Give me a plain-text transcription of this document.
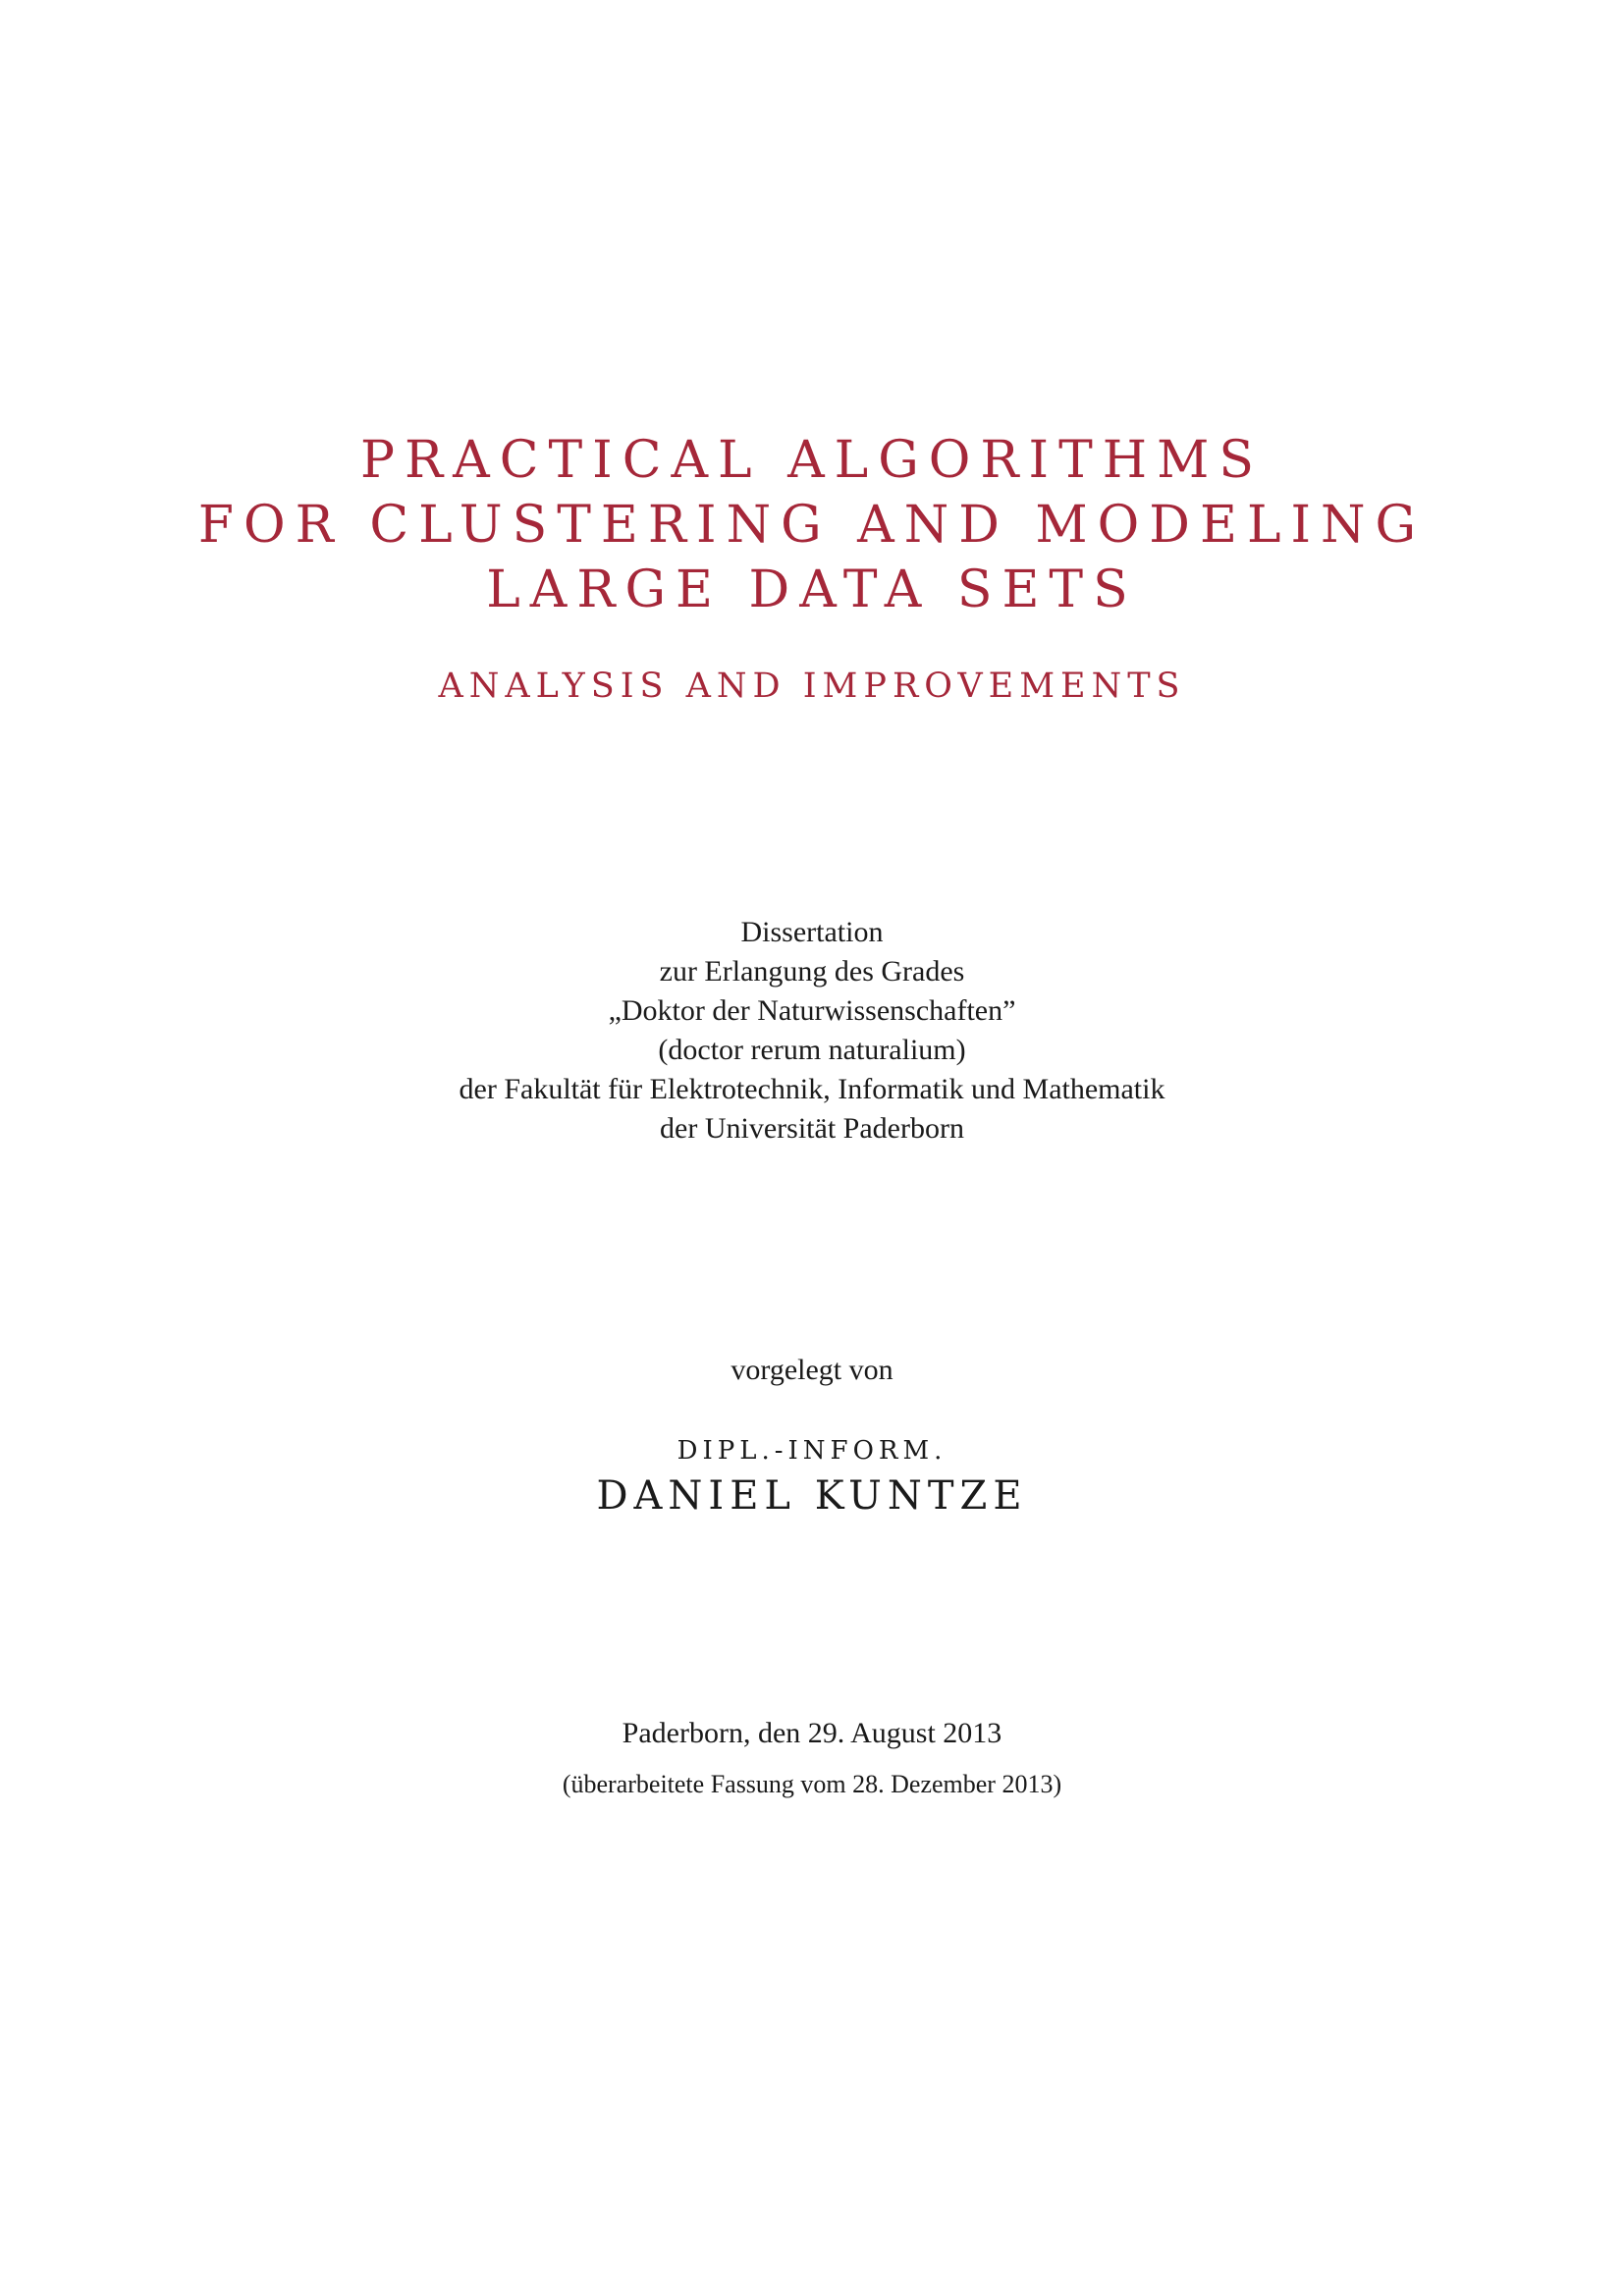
PRACTICAL ALGORITHMS
FOR CLUSTERING AND MODELING
LARGE DATA SETS
ANALYSIS AND IMPROVEMENTS
Dissertation
zur Erlangung des Grades
„Doktor der Naturwissenschaften”
(doctor rerum naturalium)
der Fakultät für Elektrotechnik, Informatik und Mathematik
der Universität Paderborn
vorgelegt von
DIPL.-INFORM.
DANIEL KUNTZE
Paderborn, den 29. August 2013
(überarbeitete Fassung vom 28. Dezember 2013)
